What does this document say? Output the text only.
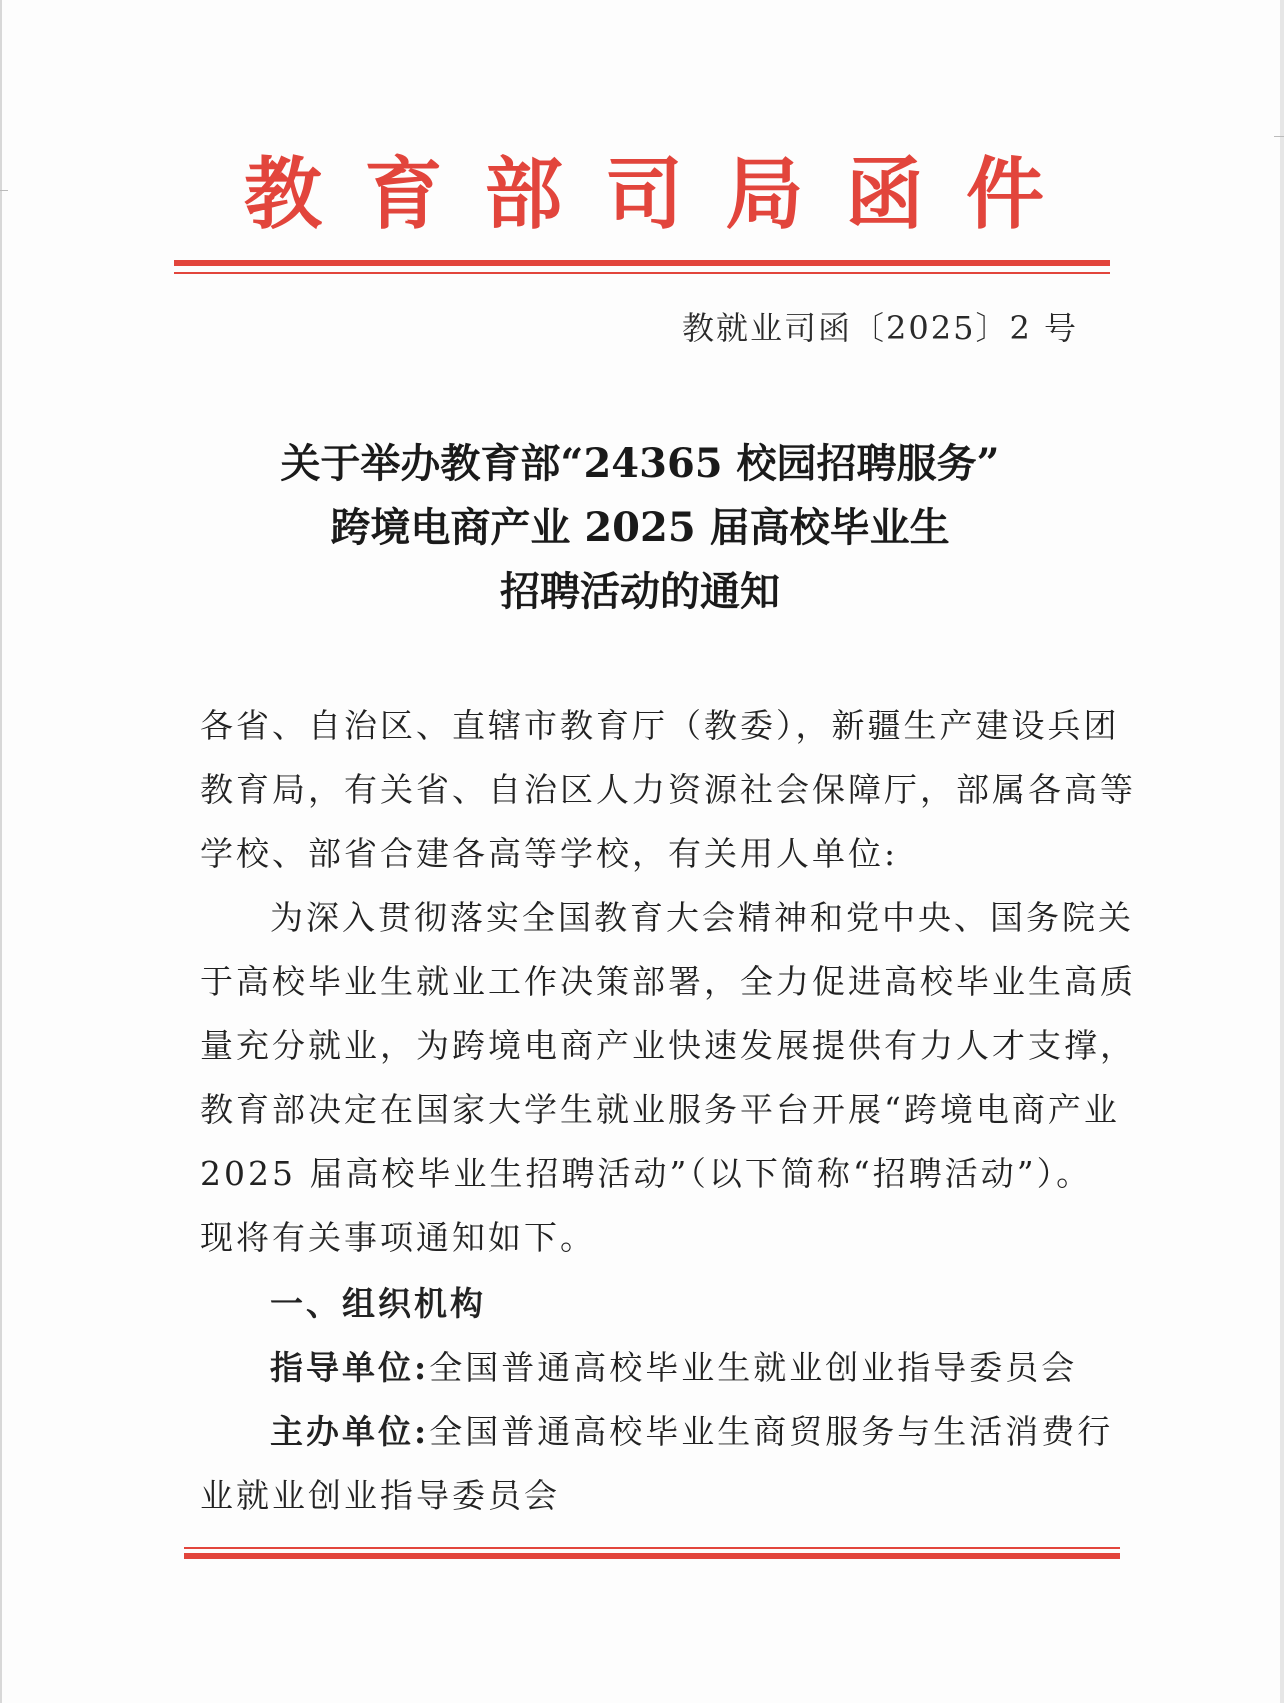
教 育 部 司 局 函 件
教就业司函〔2025〕2 号
关于举办教育部“24365 校园招聘服务”
跨境电商产业 2025 届高校毕业生
招聘活动的通知
各省、自治区、直辖市教育厅（教委），新疆生产建设兵团
教育局，有关省、自治区人力资源社会保障厅，部属各高等
学校、部省合建各高等学校，有关用人单位:
为深入贯彻落实全国教育大会精神和党中央、国务院关
于高校毕业生就业工作决策部署，全力促进高校毕业生高质
量充分就业，为跨境电商产业快速发展提供有力人才支撑，
教育部决定在国家大学生就业服务平台开展“跨境电商产业
2025 届高校毕业生招聘活动”（以下简称“招聘活动”）。
现将有关事项通知如下。
一、组织机构
指导单位:全国普通高校毕业生就业创业指导委员会
主办单位:全国普通高校毕业生商贸服务与生活消费行
业就业创业指导委员会
